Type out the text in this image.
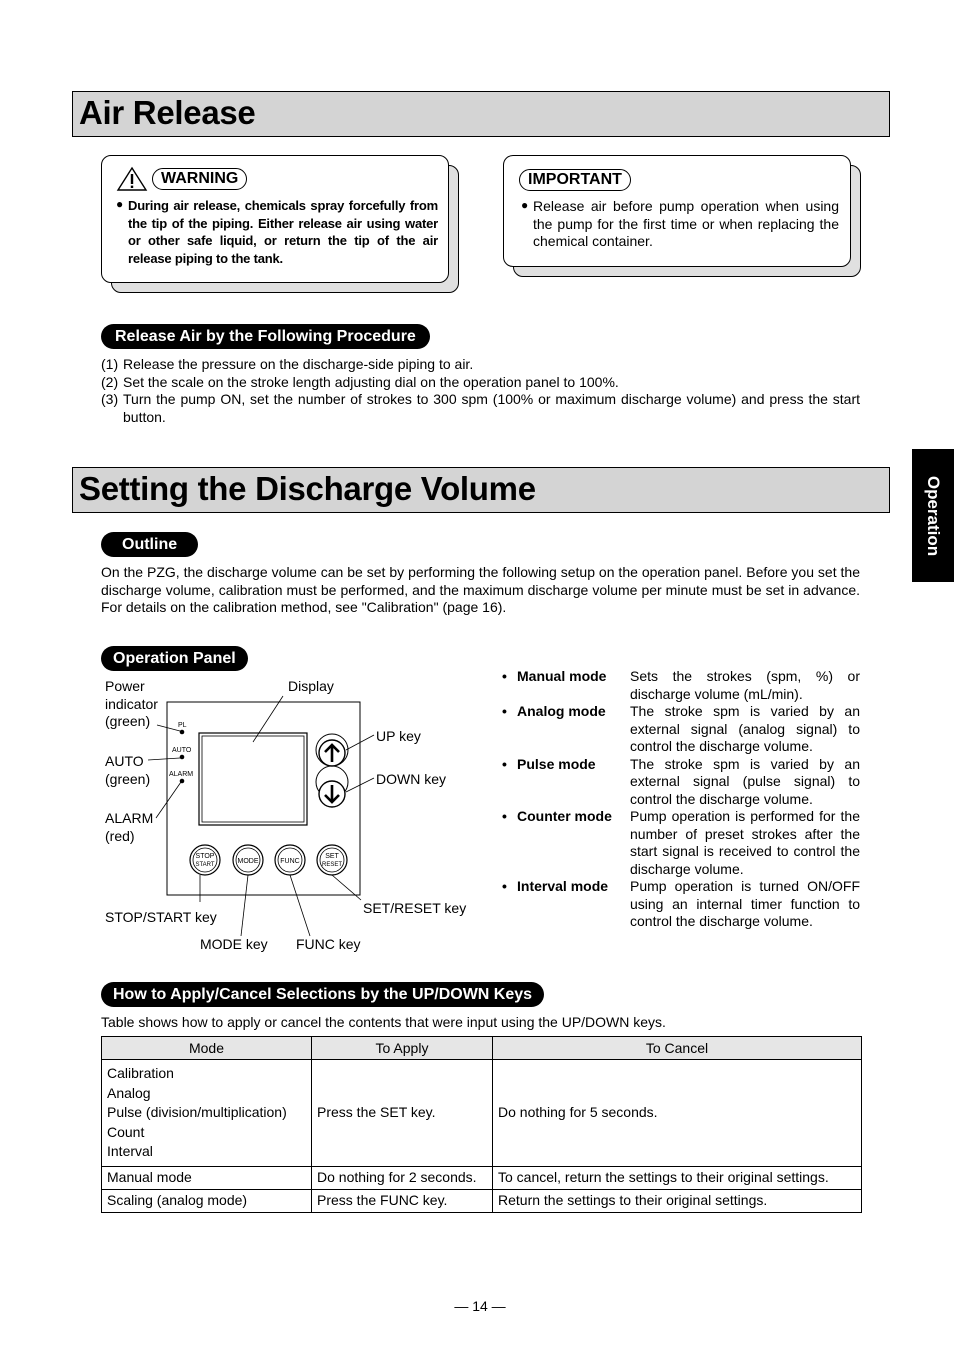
Air Release
WARNING
● During air release, chemicals spray forcefully from the tip of the piping. Either release air using water or other safe liquid, or return the tip of the air release piping to the tank.
IMPORTANT
● Release air before pump operation when using the pump for the first time or when replacing the chemical container.
Release Air by the Following Procedure
(1) Release the pressure on the discharge-side piping to air.
(2) Set the scale on the stroke length adjusting dial on the operation panel to 100%.
(3) Turn the pump ON, set the number of strokes to 300 spm (100% or maximum discharge volume) and press the start button.
Setting the Discharge Volume	Operation
Outline
On the PZG, the discharge volume can be set by performing the following setup on the operation panel. Before you set the discharge volume, calibration must be performed, and the maximum discharge volume per minute must be set in advance. For details on the calibration method, see "Calibration" (page 16).
Operation Panel
PL
AUTO
ALARM
STOP
START	MODE	FUNC
SET
RESET
Power
indicator
(green)
Display
AUTO
(green)
ALARM
(red)
UP key
DOWN key
STOP/START key
SET/RESET key
MODE key FUNC key
• Manual mode	Sets the strokes (spm, %) or discharge volume (mL/min).
• Analog mode	The stroke spm is varied by an external signal (analog signal) to control the discharge volume.
• Pulse mode	The stroke spm is varied by an external signal (pulse signal) to control the discharge volume.
• Counter mode	Pump operation is performed for the number of preset strokes after the start signal is received to control the discharge volume.
• Interval mode	Pump operation is turned ON/OFF using an internal timer function to control the discharge volume.
How to Apply/Cancel Selections by the UP/DOWN Keys
Table shows how to apply or cancel the contents that were input using the UP/DOWN keys.
Mode	To Apply	To Cancel

Calibration
Analog
Pulse (division/multiplication)
Count
Interval	Press the SET key.	Do nothing for 5 seconds.
Manual mode	Do nothing for 2 seconds.	To cancel, return the settings to their original settings.
Scaling (analog mode)	Press the FUNC key.	Return the settings to their original settings.
— 14 —
